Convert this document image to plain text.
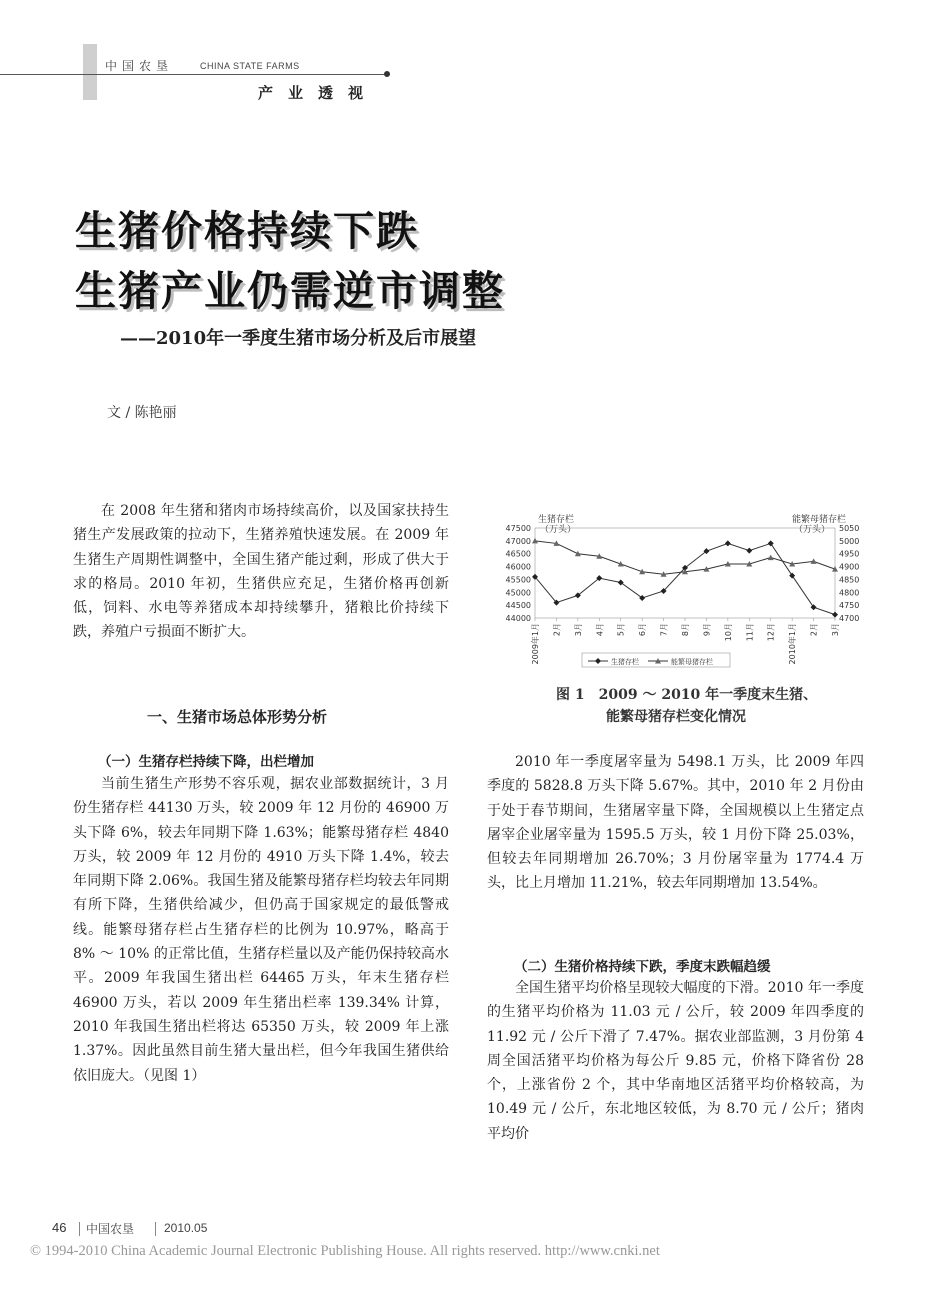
中国农垦	CHINA STATE FARMS
产业透视
生猪价格持续下跌
生猪产业仍需逆市调整
——2010年一季度生猪市场分析及后市展望
文 / 陈艳丽

在 2008 年生猪和猪肉市场持续高价，以及国家扶持生猪生产发展政策的拉动下，生猪养殖快速发展。在 2009 年生猪生产周期性调整中，全国生猪产能过剩，形成了供大于求的格局。2010 年初，生猪供应充足，生猪价格再创新低，饲料、水电等养猪成本却持续攀升，猪粮比价持续下跌，养殖户亏损面不断扩大。

一、生猪市场总体形势分析
（一）生猪存栏持续下降，出栏增加

当前生猪生产形势不容乐观，据农业部数据统计，3 月份生猪存栏 44130 万头，较 2009 年 12 月份的 46900 万头下降 6%，较去年同期下降 1.63%；能繁母猪存栏 4840 万头，较 2009 年 12 月份的 4910 万头下降 1.4%，较去年同期下降 2.06%。我国生猪及能繁母猪存栏均较去年同期有所下降，生猪供给减少，但仍高于国家规定的最低警戒线。能繁母猪存栏占生猪存栏的比例为 10.97%，略高于 8% ～ 10% 的正常比值，生猪存栏量以及产能仍保持较高水平。2009 年我国生猪出栏 64465 万头，年末生猪存栏 46900 万头，若以 2009 年生猪出栏率 139.34% 计算，2010 年我国生猪出栏将达 65350 万头，较 2009 年上涨 1.37%。因此虽然目前生猪大量出栏，但今年我国生猪供给依旧庞大。（见图 1）

生猪存栏
（万头）
能繁母猪存栏
（万头）
47500
47000
46500
46000
45500
45000
44500
44000
5050
5000
4950
4900
4850
4800
4750
4700
2009年1月 2月 3月 4月 5月 6月 7月 8月 9月 10月 11月 12月 2010年1月 2月 3月
生猪存栏	能繁母猪存栏
图 1　2009 ～ 2010 年一季度末生猪、
能繁母猪存栏变化情况

2010 年一季度屠宰量为 5498.1 万头，比 2009 年四季度的 5828.8 万头下降 5.67%。其中，2010 年 2 月份由于处于春节期间，生猪屠宰量下降，全国规模以上生猪定点屠宰企业屠宰量为 1595.5 万头，较 1 月份下降 25.03%，但较去年同期增加 26.70%；3 月份屠宰量为 1774.4 万头，比上月增加 11.21%，较去年同期增加 13.54%。

（二）生猪价格持续下跌，季度末跌幅趋缓

全国生猪平均价格呈现较大幅度的下滑。2010 年一季度的生猪平均价格为 11.03 元 / 公斤，较 2009 年四季度的 11.92 元 / 公斤下滑了 7.47%。据农业部监测，3 月份第 4 周全国活猪平均价格为每公斤 9.85 元，价格下降省份 28 个，上涨省份 2 个，其中华南地区活猪平均价格较高，为 10.49 元 / 公斤，东北地区较低，为 8.70 元 / 公斤；猪肉平均价

46 中国农垦 2010.05
© 1994-2010 China Academic Journal Electronic Publishing House. All rights reserved. http://www.cnki.net
